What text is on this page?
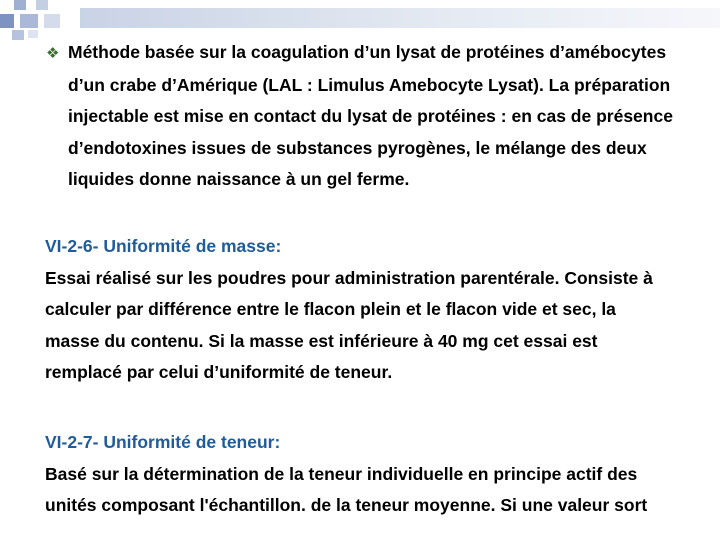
❖ Méthode basée sur la coagulation d’un lysat de protéines d’amébocytes
d’un crabe d’Amérique (LAL : Limulus Amebocyte Lysat). La préparation
injectable est mise en contact du lysat de protéines : en cas de présence
d’endotoxines issues de substances pyrogènes, le mélange des deux
liquides donne naissance à un gel ferme.
VI-2-6- Uniformité de masse:
Essai réalisé sur les poudres pour administration parentérale. Consiste à
calculer par différence entre le flacon plein et le flacon vide et sec, la
masse du contenu. Si la masse est inférieure à 40 mg cet essai est
remplacé par celui d’uniformité de teneur.
VI-2-7- Uniformité de teneur:
Basé sur la détermination de la teneur individuelle en principe actif des
unités composant l'échantillon. de la teneur moyenne. Si une valeur sort
